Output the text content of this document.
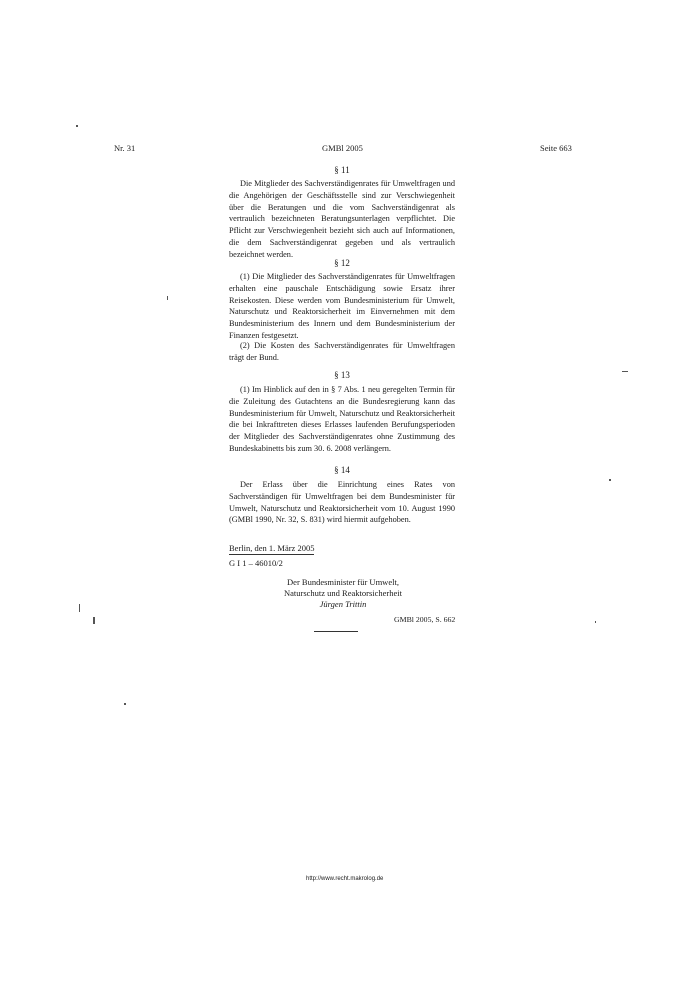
Nr. 31	GMBl 2005	Seite 663

§ 11

Die Mitglieder des Sachverständigenrates für Umweltfragen und die Angehörigen der Geschäftsstelle sind zur Verschwiegenheit über die Beratungen und die vom Sachverständigenrat als vertraulich bezeichneten Beratungsunterlagen verpflichtet. Die Pflicht zur Verschwiegenheit bezieht sich auch auf Informationen, die dem Sachverständigenrat gegeben und als vertraulich bezeichnet werden.

§ 12

(1) Die Mitglieder des Sachverständigenrates für Umweltfragen erhalten eine pauschale Entschädigung sowie Ersatz ihrer Reisekosten. Diese werden vom Bundesministerium für Umwelt, Naturschutz und Reaktorsicherheit im Einvernehmen mit dem Bundesministerium des Innern und dem Bundesministerium der Finanzen festgesetzt.

(2) Die Kosten des Sachverständigenrates für Umweltfragen trägt der Bund.

§ 13

(1) Im Hinblick auf den in § 7 Abs. 1 neu geregelten Termin für die Zuleitung des Gutachtens an die Bundesregierung kann das Bundesministerium für Umwelt, Naturschutz und Reaktorsicherheit die bei Inkrafttreten dieses Erlasses laufenden Berufungsperioden der Mitglieder des Sachverständigenrates ohne Zustimmung des Bundeskabinetts bis zum 30. 6. 2008 verlängern.

§ 14

Der Erlass über die Einrichtung eines Rates von Sachverständigen für Umweltfragen bei dem Bundesminister für Umwelt, Naturschutz und Reaktorsicherheit vom 10. August 1990 (GMBl 1990, Nr. 32, S. 831) wird hiermit aufgehoben.

Berlin, den 1. März 2005
G I 1 – 46010/2
Der Bundesminister für Umwelt,
Naturschutz und Reaktorsicherheit
Jürgen Trittin
GMBl 2005, S. 662
http://www.recht.makrolog.de
